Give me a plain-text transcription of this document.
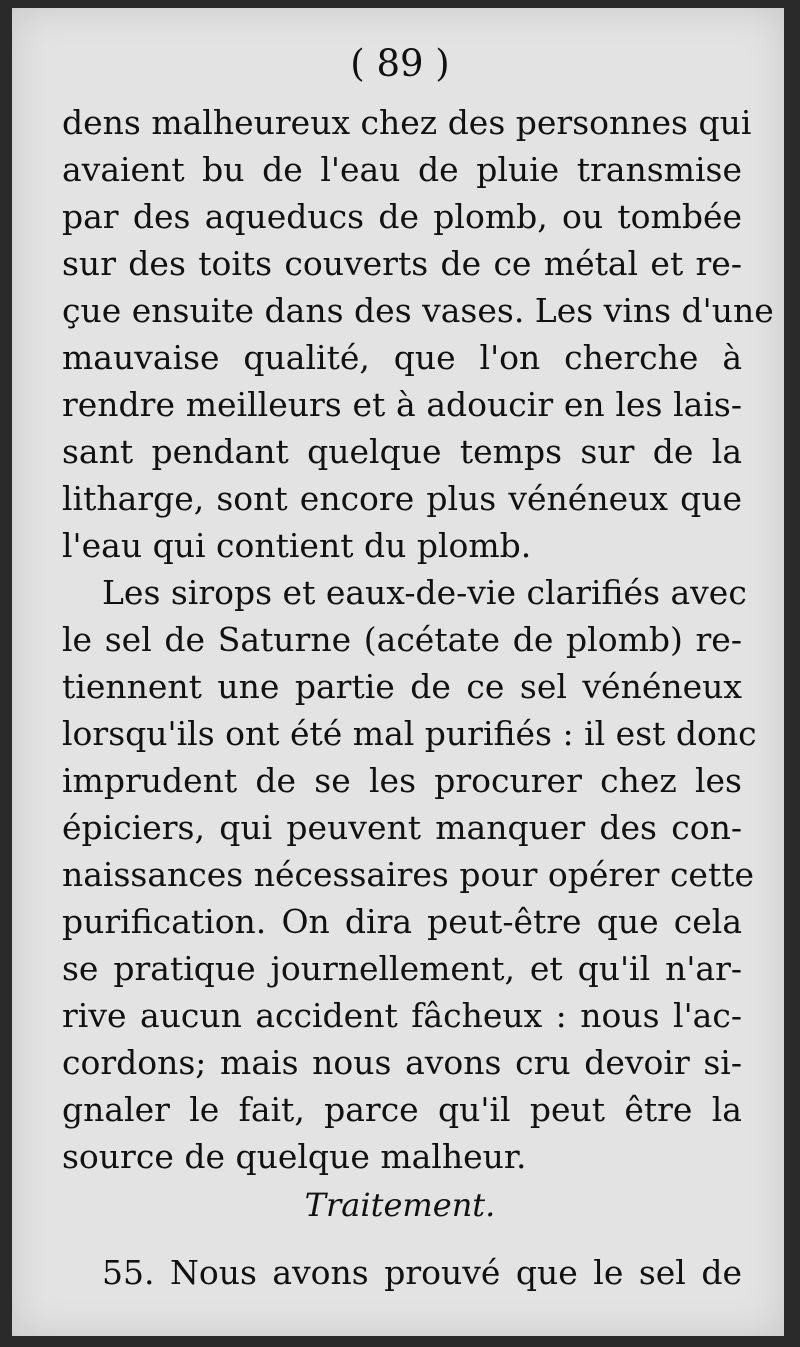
( 89 )
dens malheureux chez des personnes qui
avaient bu de l'eau de pluie transmise
par des aqueducs de plomb, ou tombée
sur des toits couverts de ce métal et re-
çue ensuite dans des vases. Les vins d'une
mauvaise qualité, que l'on cherche à
rendre meilleurs et à adoucir en les lais-
sant pendant quelque temps sur de la
litharge, sont encore plus vénéneux que
l'eau qui contient du plomb.
Les sirops et eaux-de-vie clarifiés avec
le sel de Saturne (acétate de plomb) re-
tiennent une partie de ce sel vénéneux
lorsqu'ils ont été mal purifiés : il est donc
imprudent de se les procurer chez les
épiciers, qui peuvent manquer des con-
naissances nécessaires pour opérer cette
purification. On dira peut-être que cela
se pratique journellement, et qu'il n'ar-
rive aucun accident fâcheux : nous l'ac-
cordons; mais nous avons cru devoir si-
gnaler le fait, parce qu'il peut être la
source de quelque malheur.
Traitement.
55. Nous avons prouvé que le sel de
